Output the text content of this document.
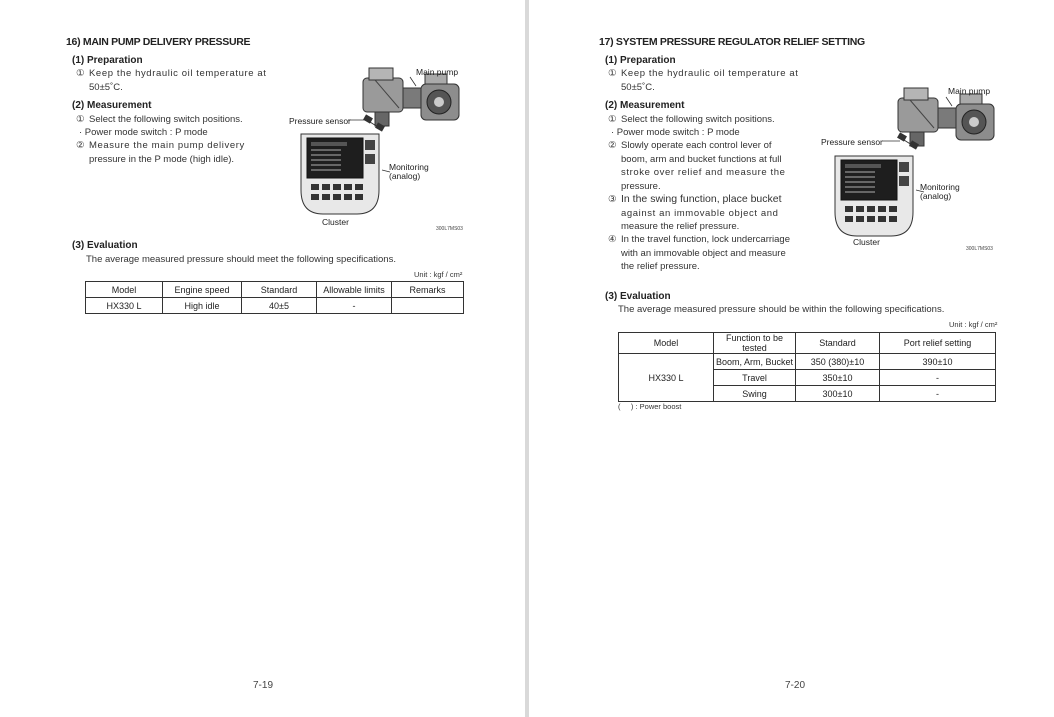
16) MAIN PUMP DELIVERY PRESSURE
(1) Preparation
① Keep the hydraulic oil temperature at
50±5˚C.
(2) Measurement
① Select the following switch positions.
· Power mode switch : P mode
② Measure the main pump delivery
pressure in the P mode (high idle).
Main pump
Pressure sensor
Monitoring
(analog)
Cluster
300L7MS03
(3) Evaluation
The average measured pressure should meet the following specifications.
Unit : kgf / cm²
Model	Engine speed	Standard	Allowable limits	Remarks
HX330 L	High idle	40±5	-	
7-19
17) SYSTEM PRESSURE REGULATOR RELIEF SETTING
(1) Preparation
① Keep the hydraulic oil temperature at
50±5˚C.
(2) Measurement
① Select the following switch positions.
· Power mode switch : P mode
② Slowly operate each control lever of
boom, arm and bucket functions at full
stroke over relief and measure the
pressure.
③ In the swing function, place bucket
against an immovable object and
measure the relief pressure.
④ In the travel function, lock undercarriage
with an immovable object and measure
the relief pressure.
Main pump
Pressure sensor
Monitoring
(analog)
Cluster
300L7MS03
(3) Evaluation
The average measured pressure should be within the following specifications.
Unit : kgf / cm²
Model	Function to be tested	Standard	Port relief setting
HX330 L	Boom, Arm, Bucket	350 (380)±10	390±10
	Travel	350±10	-
	Swing	300±10	-
(     ) : Power boost
7-20
